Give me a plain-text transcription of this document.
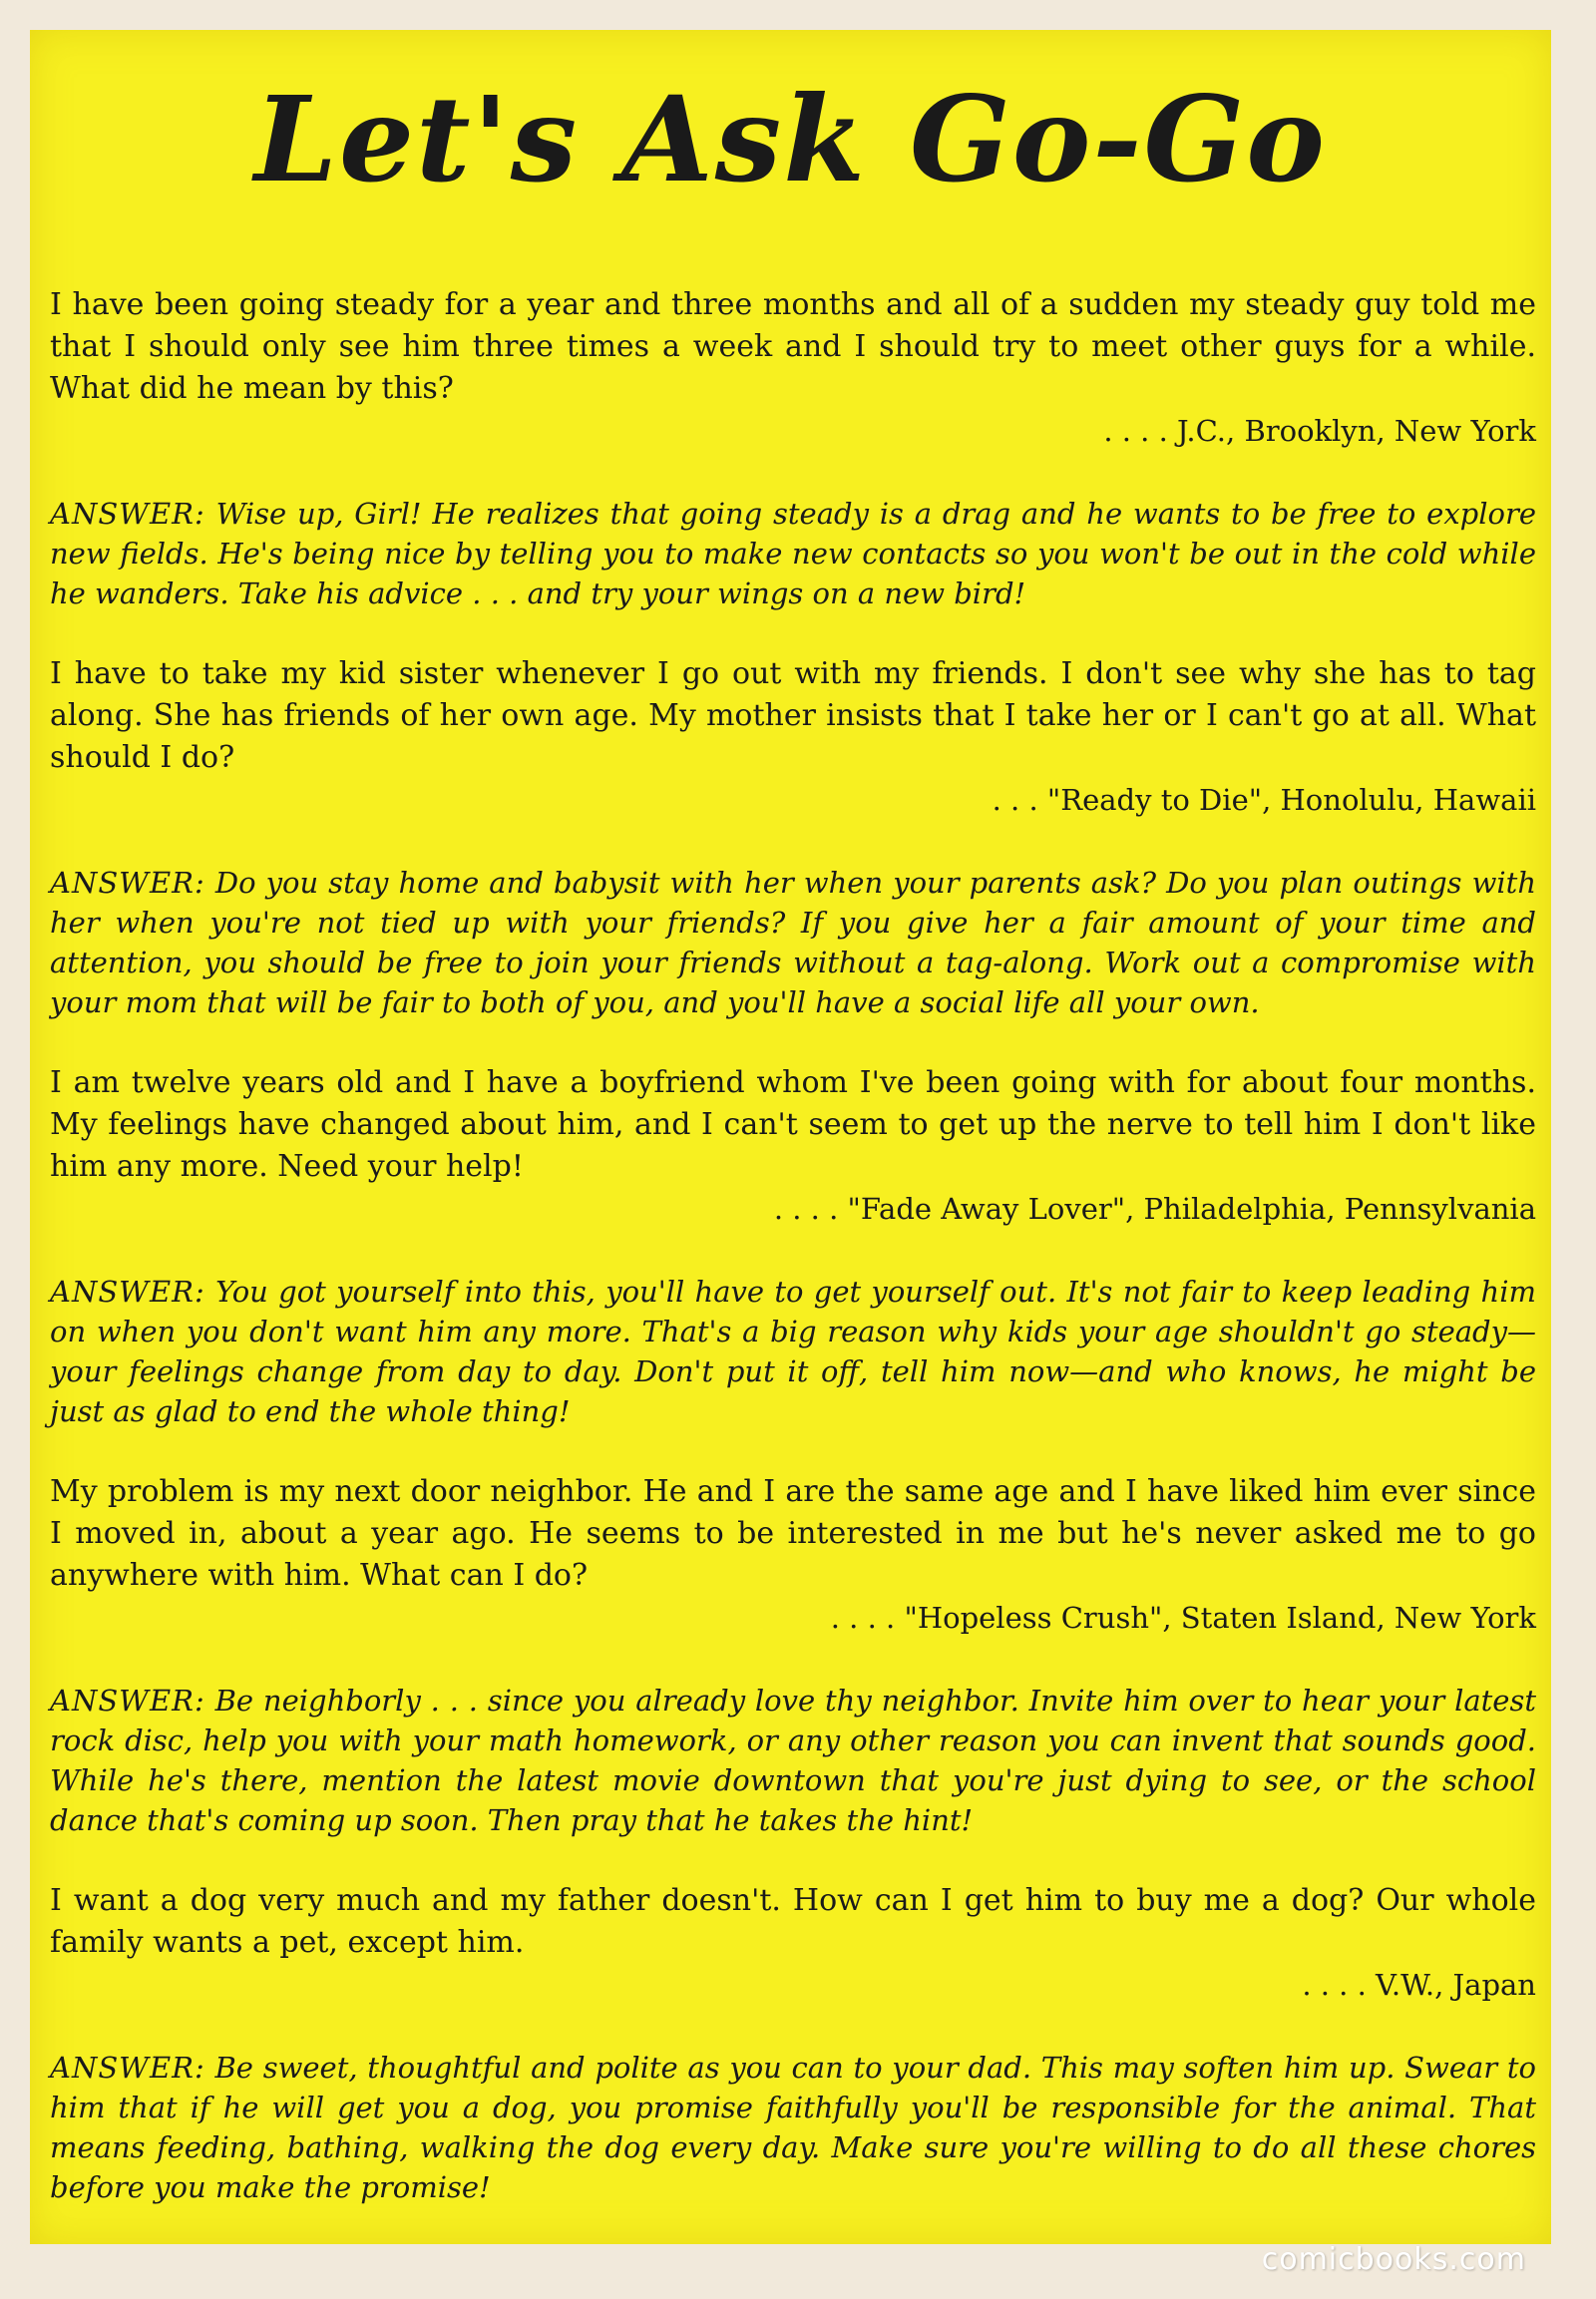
Let's Ask Go-Go

I have been going steady for a year and three months and all of a sudden my steady guy told me that I should only see him three times a week and I should try to meet other guys for a while. What did he mean by this?

. . . . J.C., Brooklyn, New York

ANSWER: Wise up, Girl! He realizes that going steady is a drag and he wants to be free to explore new fields. He's being nice by telling you to make new contacts so you won't be out in the cold while he wanders. Take his advice . . . and try your wings on a new bird!

I have to take my kid sister whenever I go out with my friends. I don't see why she has to tag along. She has friends of her own age. My mother insists that I take her or I can't go at all. What should I do?

. . . "Ready to Die", Honolulu, Hawaii

ANSWER: Do you stay home and babysit with her when your parents ask? Do you plan outings with her when you're not tied up with your friends? If you give her a fair amount of your time and attention, you should be free to join your friends without a tag-along. Work out a compromise with your mom that will be fair to both of you, and you'll have a social life all your own.

I am twelve years old and I have a boyfriend whom I've been going with for about four months. My feelings have changed about him, and I can't seem to get up the nerve to tell him I don't like him any more. Need your help!

. . . . "Fade Away Lover", Philadelphia, Pennsylvania

ANSWER: You got yourself into this, you'll have to get yourself out. It's not fair to keep leading him on when you don't want him any more. That's a big reason why kids your age shouldn't go steady—your feelings change from day to day. Don't put it off, tell him now—and who knows, he might be just as glad to end the whole thing!

My problem is my next door neighbor. He and I are the same age and I have liked him ever since I moved in, about a year ago. He seems to be interested in me but he's never asked me to go anywhere with him. What can I do?

. . . . "Hopeless Crush", Staten Island, New York

ANSWER: Be neighborly . . . since you already love thy neighbor. Invite him over to hear your latest rock disc, help you with your math homework, or any other reason you can invent that sounds good. While he's there, mention the latest movie downtown that you're just dying to see, or the school dance that's coming up soon. Then pray that he takes the hint!

I want a dog very much and my father doesn't. How can I get him to buy me a dog? Our whole family wants a pet, except him.

. . . . V.W., Japan

ANSWER: Be sweet, thoughtful and polite as you can to your dad. This may soften him up. Swear to him that if he will get you a dog, you promise faithfully you'll be responsible for the animal. That means feeding, bathing, walking the dog every day. Make sure you're willing to do all these chores before you make the promise!

comicbooks.com
